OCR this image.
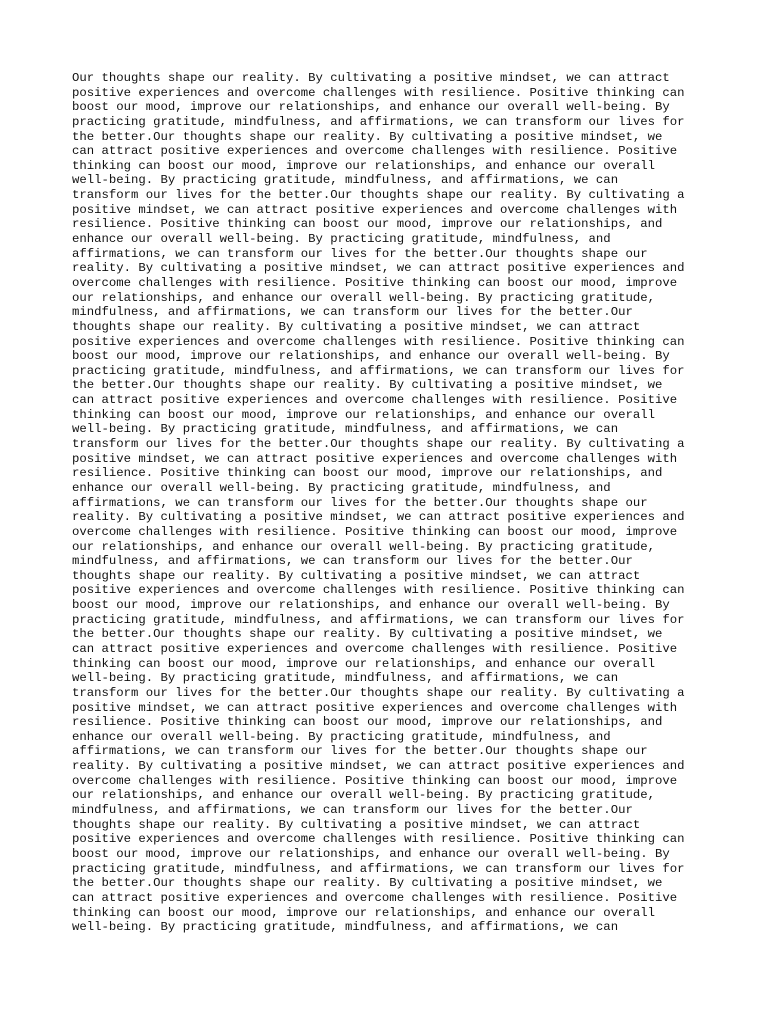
Our thoughts shape our reality. By cultivating a positive mindset, we can attract
positive experiences and overcome challenges with resilience. Positive thinking can
boost our mood, improve our relationships, and enhance our overall well-being. By
practicing gratitude, mindfulness, and affirmations, we can transform our lives for
the better.Our thoughts shape our reality. By cultivating a positive mindset, we
can attract positive experiences and overcome challenges with resilience. Positive
thinking can boost our mood, improve our relationships, and enhance our overall
well-being. By practicing gratitude, mindfulness, and affirmations, we can
transform our lives for the better.Our thoughts shape our reality. By cultivating a
positive mindset, we can attract positive experiences and overcome challenges with
resilience. Positive thinking can boost our mood, improve our relationships, and
enhance our overall well-being. By practicing gratitude, mindfulness, and
affirmations, we can transform our lives for the better.Our thoughts shape our
reality. By cultivating a positive mindset, we can attract positive experiences and
overcome challenges with resilience. Positive thinking can boost our mood, improve
our relationships, and enhance our overall well-being. By practicing gratitude,
mindfulness, and affirmations, we can transform our lives for the better.Our
thoughts shape our reality. By cultivating a positive mindset, we can attract
positive experiences and overcome challenges with resilience. Positive thinking can
boost our mood, improve our relationships, and enhance our overall well-being. By
practicing gratitude, mindfulness, and affirmations, we can transform our lives for
the better.Our thoughts shape our reality. By cultivating a positive mindset, we
can attract positive experiences and overcome challenges with resilience. Positive
thinking can boost our mood, improve our relationships, and enhance our overall
well-being. By practicing gratitude, mindfulness, and affirmations, we can
transform our lives for the better.Our thoughts shape our reality. By cultivating a
positive mindset, we can attract positive experiences and overcome challenges with
resilience. Positive thinking can boost our mood, improve our relationships, and
enhance our overall well-being. By practicing gratitude, mindfulness, and
affirmations, we can transform our lives for the better.Our thoughts shape our
reality. By cultivating a positive mindset, we can attract positive experiences and
overcome challenges with resilience. Positive thinking can boost our mood, improve
our relationships, and enhance our overall well-being. By practicing gratitude,
mindfulness, and affirmations, we can transform our lives for the better.Our
thoughts shape our reality. By cultivating a positive mindset, we can attract
positive experiences and overcome challenges with resilience. Positive thinking can
boost our mood, improve our relationships, and enhance our overall well-being. By
practicing gratitude, mindfulness, and affirmations, we can transform our lives for
the better.Our thoughts shape our reality. By cultivating a positive mindset, we
can attract positive experiences and overcome challenges with resilience. Positive
thinking can boost our mood, improve our relationships, and enhance our overall
well-being. By practicing gratitude, mindfulness, and affirmations, we can
transform our lives for the better.Our thoughts shape our reality. By cultivating a
positive mindset, we can attract positive experiences and overcome challenges with
resilience. Positive thinking can boost our mood, improve our relationships, and
enhance our overall well-being. By practicing gratitude, mindfulness, and
affirmations, we can transform our lives for the better.Our thoughts shape our
reality. By cultivating a positive mindset, we can attract positive experiences and
overcome challenges with resilience. Positive thinking can boost our mood, improve
our relationships, and enhance our overall well-being. By practicing gratitude,
mindfulness, and affirmations, we can transform our lives for the better.Our
thoughts shape our reality. By cultivating a positive mindset, we can attract
positive experiences and overcome challenges with resilience. Positive thinking can
boost our mood, improve our relationships, and enhance our overall well-being. By
practicing gratitude, mindfulness, and affirmations, we can transform our lives for
the better.Our thoughts shape our reality. By cultivating a positive mindset, we
can attract positive experiences and overcome challenges with resilience. Positive
thinking can boost our mood, improve our relationships, and enhance our overall
well-being. By practicing gratitude, mindfulness, and affirmations, we can
